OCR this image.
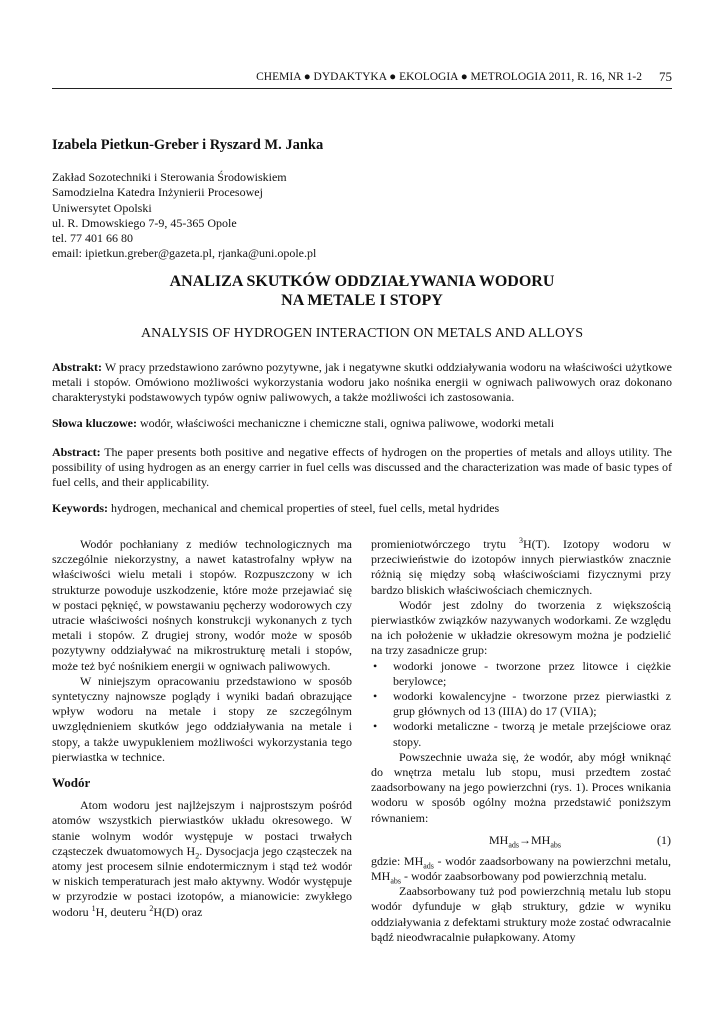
CHEMIA ● DYDAKTYKA ● EKOLOGIA ● METROLOGIA 2011, R. 16, NR 1-2 75
Izabela Pietkun-Greber i Ryszard M. Janka
Zakład Sozotechniki i Sterowania Środowiskiem
Samodzielna Katedra Inżynierii Procesowej
Uniwersytet Opolski
ul. R. Dmowskiego 7-9, 45-365 Opole
tel. 77 401 66 80
email: ipietkun.greber@gazeta.pl, rjanka@uni.opole.pl
ANALIZA SKUTKÓW ODDZIAŁYWANIA WODORU
NA METALE I STOPY
ANALYSIS OF HYDROGEN INTERACTION ON METALS AND ALLOYS
Abstrakt: W pracy przedstawiono zarówno pozytywne, jak i negatywne skutki oddziaływania wodoru na właściwości użytkowe metali i stopów. Omówiono możliwości wykorzystania wodoru jako nośnika energii w ogniwach paliwowych oraz dokonano charakterystyki podstawowych typów ogniw paliwowych, a także możliwości ich zastosowania.
Słowa kluczowe: wodór, właściwości mechaniczne i chemiczne stali, ogniwa paliwowe, wodorki metali
Abstract: The paper presents both positive and negative effects of hydrogen on the properties of metals and alloys utility. The possibility of using hydrogen as an energy carrier in fuel cells was discussed and the characterization was made of basic types of fuel cells, and their applicability.
Keywords: hydrogen, mechanical and chemical properties of steel, fuel cells, metal hydrides

Wodór pochłaniany z mediów technologicznych ma szczególnie niekorzystny, a nawet katastrofalny wpływ na właściwości wielu metali i stopów. Rozpuszczony w ich strukturze powoduje uszkodzenie, które może przejawiać się w postaci pęknięć, w powstawaniu pęcherzy wodorowych czy utracie właściwości nośnych konstrukcji wykonanych z tych metali i stopów. Z drugiej strony, wodór może w sposób pozytywny oddziaływać na mikrostrukturę metali i stopów, może też być nośnikiem energii w ogniwach paliwowych.

W niniejszym opracowaniu przedstawiono w sposób syntetyczny najnowsze poglądy i wyniki badań obrazujące wpływ wodoru na metale i stopy ze szczególnym uwzględnieniem skutków jego oddziaływania na metale i stopy, a także uwypukleniem możliwości wykorzystania tego pierwiastka w technice.

Wodór

Atom wodoru jest najlżejszym i najprostszym pośród atomów wszystkich pierwiastków układu okresowego. W stanie wolnym wodór występuje w postaci trwałych cząsteczek dwuatomowych $H_2$. Dysocjacja jego cząsteczek na atomy jest procesem silnie endotermicznym i stąd też wodór w niskich temperaturach jest mało aktywny. Wodór występuje w przyrodzie w postaci izotopów, a mianowicie: zwykłego wodoru $^1$H, deuteru $^2$H(D) oraz

promieniotwórczego trytu $^3$H(T). Izotopy wodoru w przeciwieństwie do izotopów innych pierwiastków znacznie różnią się między sobą właściwościami fizycznymi przy bardzo bliskich właściwościach chemicznych.

Wodór jest zdolny do tworzenia z większością pierwiastków związków nazywanych wodorkami. Ze względu na ich położenie w układzie okresowym można je podzielić na trzy zasadnicze grup:

• wodorki jonowe - tworzone przez litowce i ciężkie berylowce;
• wodorki kowalencyjne - tworzone przez pierwiastki z grup głównych od 13 (IIIA) do 17 (VIIA);
• wodorki metaliczne - tworzą je metale przejściowe oraz stopy.

Powszechnie uważa się, że wodór, aby mógł wniknąć do wnętrza metalu lub stopu, musi przedtem zostać zaadsorbowany na jego powierzchni (rys. 1). Proces wnikania wodoru w sposób ogólny można przedstawić poniższym równaniem:

$MH_{ads}\to MH_{abs}$	(1)

gdzie: $MH_{ads}$ - wodór zaadsorbowany na powierzchni metalu, $MH_{abs}$ - wodór zaabsorbowany pod powierzchnią metalu.

Zaabsorbowany tuż pod powierzchnią metalu lub stopu wodór dyfunduje w głąb struktury, gdzie w wyniku oddziaływania z defektami struktury może zostać odwracalnie bądź nieodwracalnie pułapkowany. Atomy
